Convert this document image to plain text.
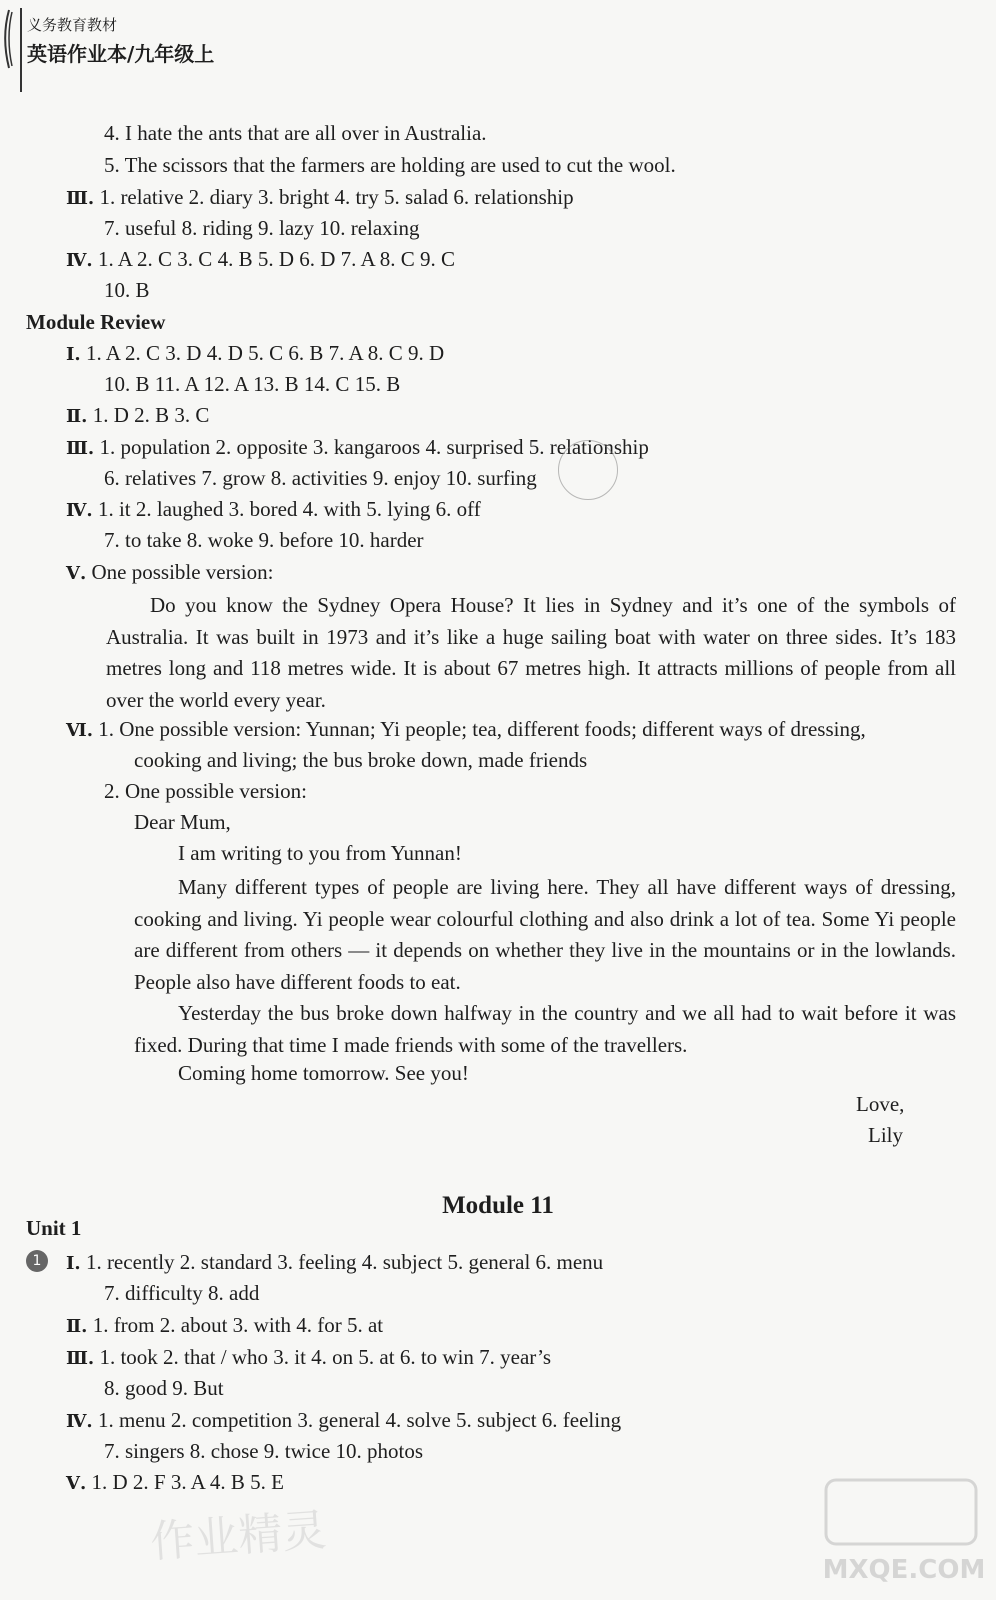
义务教育教材
英语作业本/九年级上
4. I hate the ants that are all over in Australia.
5. The scissors that the farmers are holding are used to cut the wool.
Ⅲ. 1. relative 2. diary 3. bright 4. try 5. salad 6. relationship
7. useful 8. riding 9. lazy 10. relaxing
Ⅳ. 1. A 2. C 3. C 4. B 5. D 6. D 7. A 8. C 9. C
10. B
Module Review
Ⅰ. 1. A 2. C 3. D 4. D 5. C 6. B 7. A 8. C 9. D
10. B 11. A 12. A 13. B 14. C 15. B
Ⅱ. 1. D 2. B 3. C
Ⅲ. 1. population 2. opposite 3. kangaroos 4. surprised 5. relationship
6. relatives 7. grow 8. activities 9. enjoy 10. surfing
Ⅳ. 1. it 2. laughed 3. bored 4. with 5. lying 6. off
7. to take 8. woke 9. before 10. harder
Ⅴ. One possible version:
Do you know the Sydney Opera House? It lies in Sydney and it’s one of the symbols of Australia. It was built in 1973 and it’s like a huge sailing boat with water on three sides. It’s 183 metres long and 118 metres wide. It is about 67 metres high. It attracts millions of people from all over the world every year.
Ⅵ. 1. One possible version: Yunnan; Yi people; tea, different foods; different ways of dressing,
cooking and living; the bus broke down, made friends
2. One possible version:
Dear Mum,
I am writing to you from Yunnan!
Many different types of people are living here. They all have different ways of dressing, cooking and living. Yi people wear colourful clothing and also drink a lot of tea. Some Yi people are different from others — it depends on whether they live in the mountains or in the lowlands. People also have different foods to eat.
Yesterday the bus broke down halfway in the country and we all had to wait before it was fixed. During that time I made friends with some of the travellers.
Coming home tomorrow. See you!
Love,
Lily
Module 11
Unit 1
1	Ⅰ. 1. recently 2. standard 3. feeling 4. subject 5. general 6. menu
7. difficulty 8. add
Ⅱ. 1. from 2. about 3. with 4. for 5. at
Ⅲ. 1. took 2. that / who 3. it 4. on 5. at 6. to win 7. year’s
8. good 9. But
Ⅳ. 1. menu 2. competition 3. general 4. solve 5. subject 6. feeling
7. singers 8. chose 9. twice 10. photos
Ⅴ. 1. D 2. F 3. A 4. B 5. E
作业精灵
MXQE.COM
